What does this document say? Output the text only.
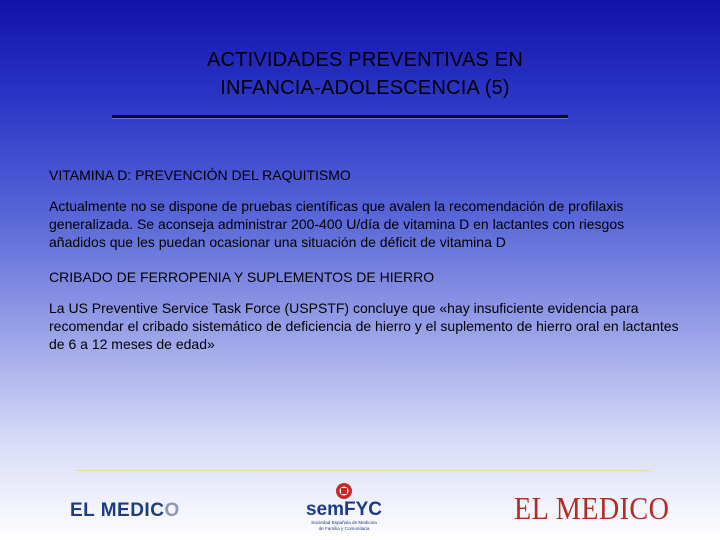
ACTIVIDADES PREVENTIVAS EN
INFANCIA-ADOLESCENCIA (5)

VITAMINA D: PREVENCIÓN DEL RAQUITISMO

Actualmente no se dispone de pruebas científicas que avalen la recomendación de profilaxis generalizada. Se aconseja administrar 200-400 U/día de vitamina D en lactantes con riesgos añadidos que les puedan ocasionar una situación de déficit de vitamina D

CRIBADO DE FERROPENIA Y SUPLEMENTOS DE HIERRO

La US Preventive Service Task Force (USPSTF) concluye que «hay insuficiente evidencia para recomendar el cribado sistemático de deficiencia de hierro y el suplemento de hierro oral en lactantes de 6 a 12 meses de edad»

EL MEDICO	semFYC
Sociedad Española de Medicina
de Familia y Comunitaria
EL MEDICO
